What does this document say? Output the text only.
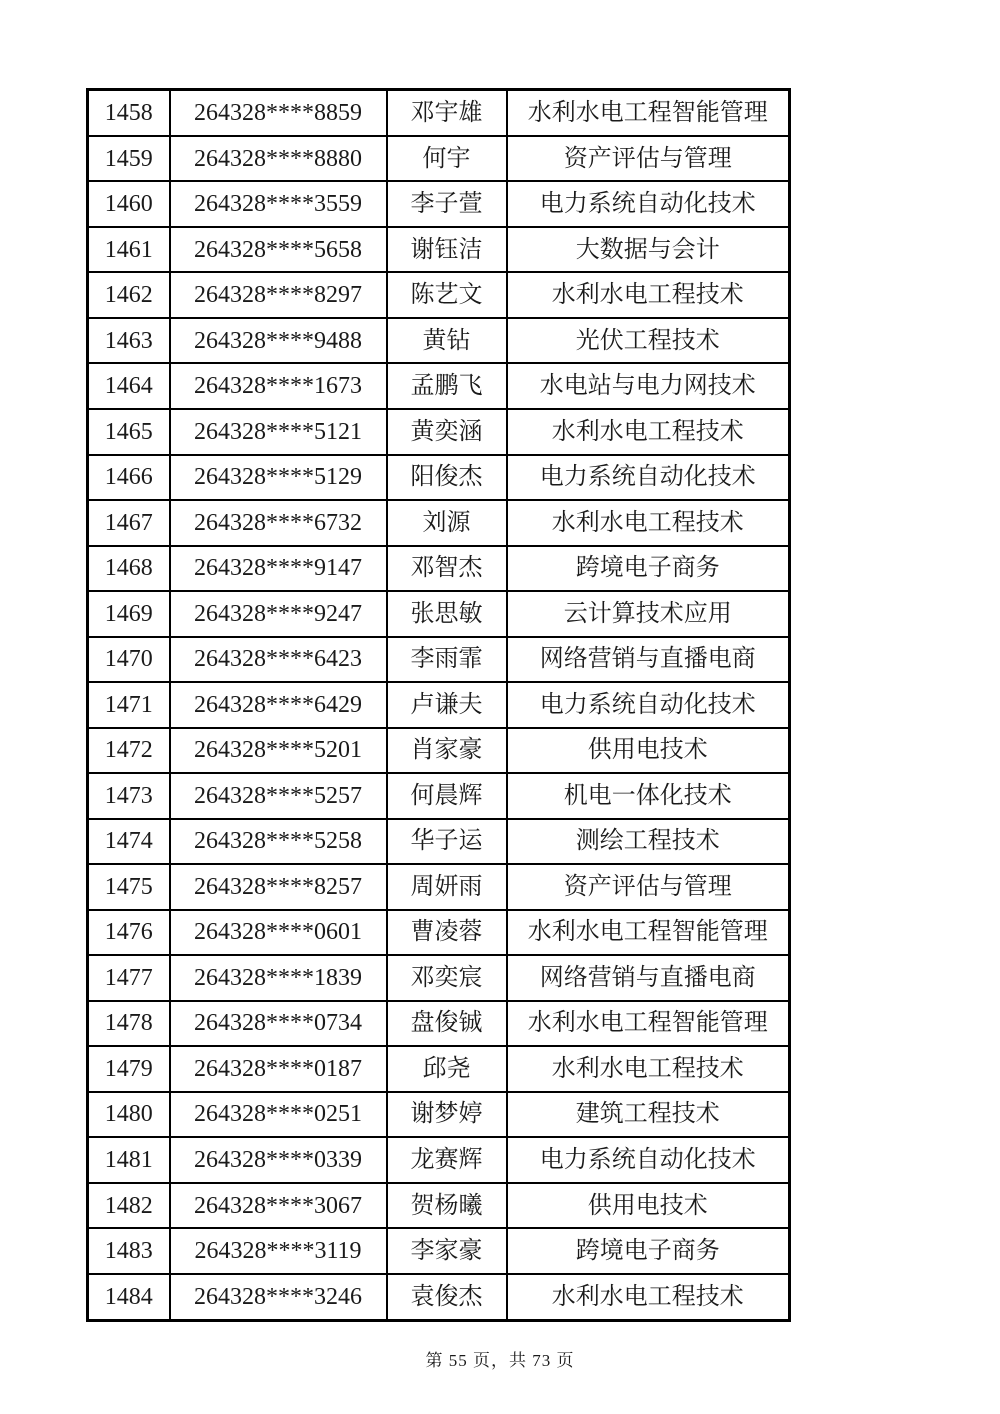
1458	264328****8859	邓宇雄	水利水电工程智能管理
1459	264328****8880	何宇	资产评估与管理
1460	264328****3559	李子萱	电力系统自动化技术
1461	264328****5658	谢钰洁	大数据与会计
1462	264328****8297	陈艺文	水利水电工程技术
1463	264328****9488	黄钻	光伏工程技术
1464	264328****1673	孟鹏飞	水电站与电力网技术
1465	264328****5121	黄奕涵	水利水电工程技术
1466	264328****5129	阳俊杰	电力系统自动化技术
1467	264328****6732	刘源	水利水电工程技术
1468	264328****9147	邓智杰	跨境电子商务
1469	264328****9247	张思敏	云计算技术应用
1470	264328****6423	李雨霏	网络营销与直播电商
1471	264328****6429	卢谦夫	电力系统自动化技术
1472	264328****5201	肖家豪	供用电技术
1473	264328****5257	何晨辉	机电一体化技术
1474	264328****5258	华子运	测绘工程技术
1475	264328****8257	周妍雨	资产评估与管理
1476	264328****0601	曹凌蓉	水利水电工程智能管理
1477	264328****1839	邓奕宸	网络营销与直播电商
1478	264328****0734	盘俊铖	水利水电工程智能管理
1479	264328****0187	邱尧	水利水电工程技术
1480	264328****0251	谢梦婷	建筑工程技术
1481	264328****0339	龙赛辉	电力系统自动化技术
1482	264328****3067	贺杨曦	供用电技术
1483	264328****3119	李家豪	跨境电子商务
1484	264328****3246	袁俊杰	水利水电工程技术
第 55 页，共 73 页
